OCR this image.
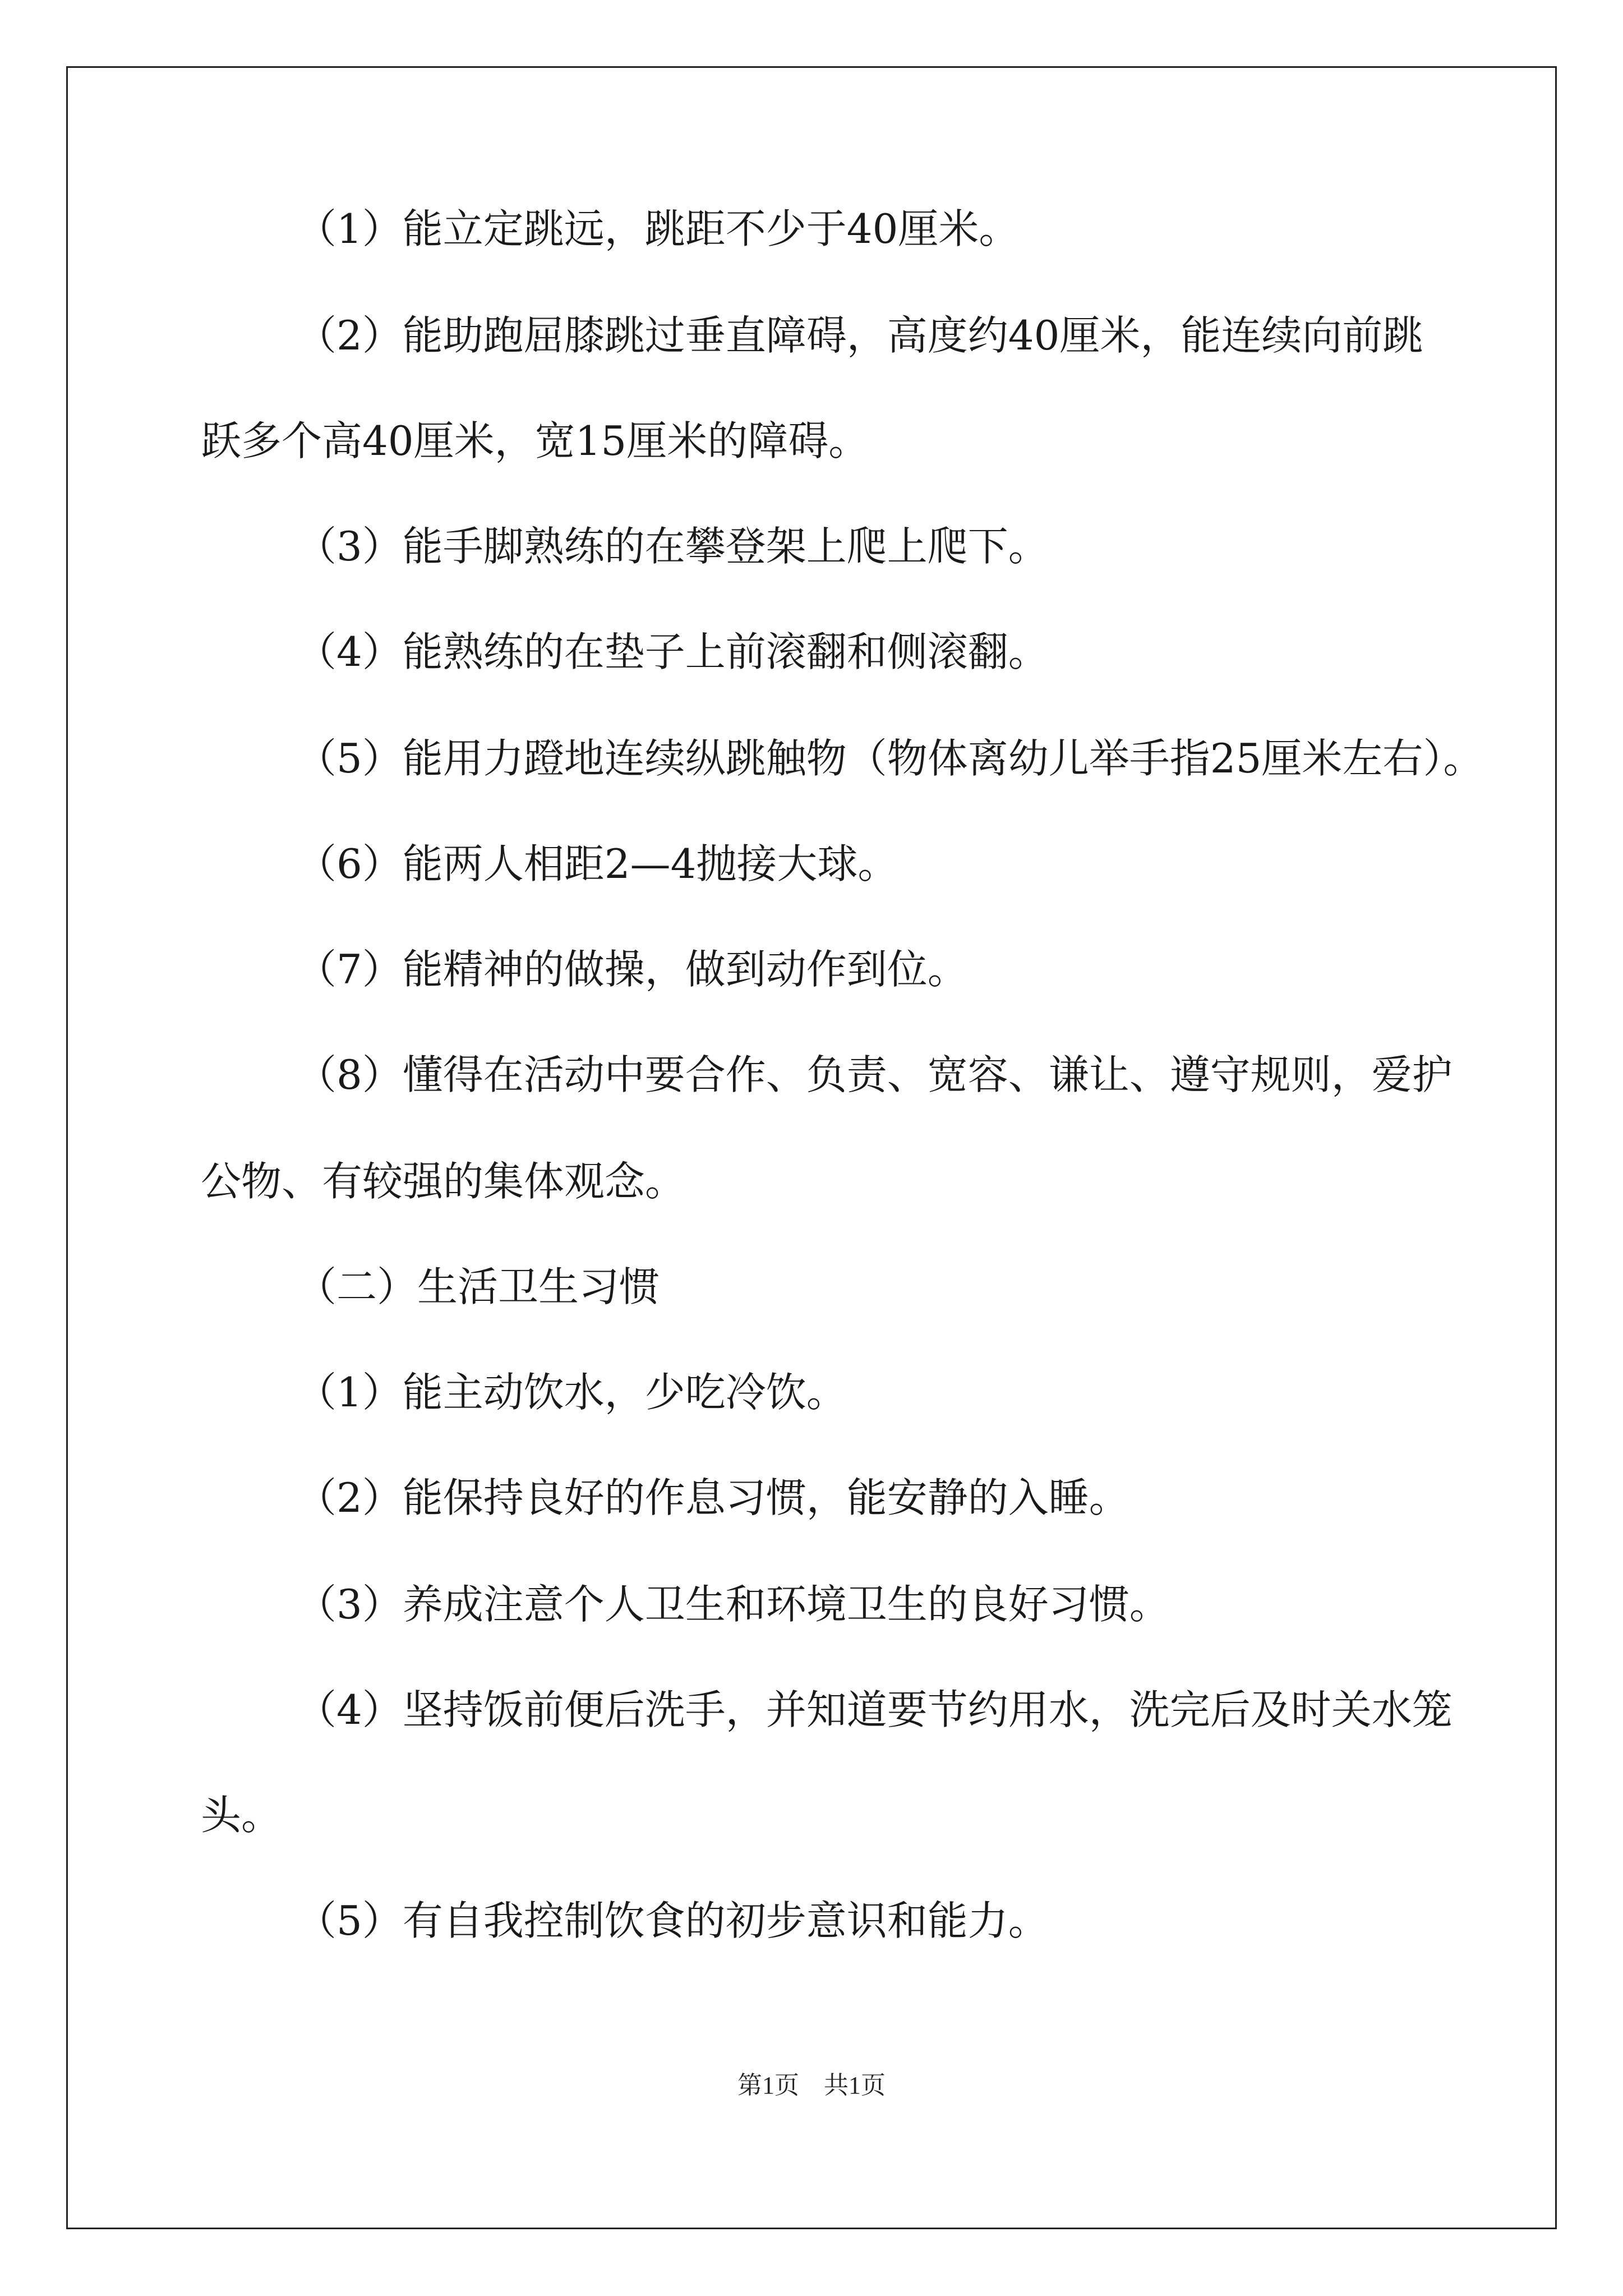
（1）能立定跳远，跳距不少于40厘米。

（2）能助跑屈膝跳过垂直障碍，高度约40厘米，能连续向前跳

跃多个高40厘米，宽15厘米的障碍。

（3）能手脚熟练的在攀登架上爬上爬下。

（4）能熟练的在垫子上前滚翻和侧滚翻。

（5）能用力蹬地连续纵跳触物（物体离幼儿举手指25厘米左右）。

（6）能两人相距2—4抛接大球。

（7）能精神的做操，做到动作到位。

（8）懂得在活动中要合作、负责、宽容、谦让、遵守规则，爱护

公物、有较强的集体观念。

（二）生活卫生习惯

（1）能主动饮水，少吃冷饮。

（2）能保持良好的作息习惯，能安静的入睡。

（3）养成注意个人卫生和环境卫生的良好习惯。

（4）坚持饭前便后洗手，并知道要节约用水，洗完后及时关水笼

头。

（5）有自我控制饮食的初步意识和能力。

第1页　共1页
